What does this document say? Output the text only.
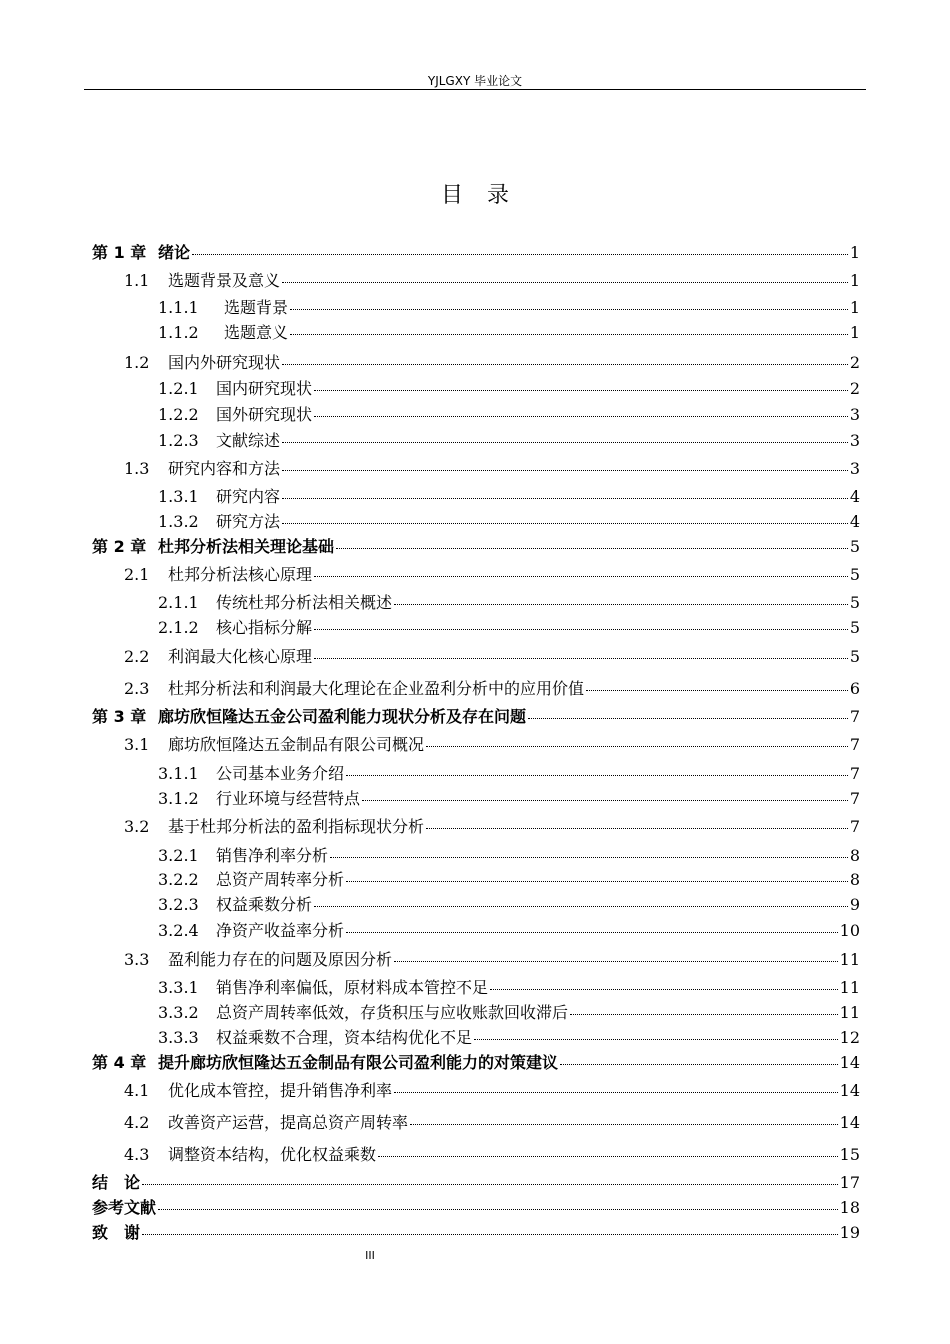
YJLGXY 毕业论文
目录
第 1 章 绪论	1
1.1	选题背景及意义	1
1.1.1	选题背景	1
1.1.2	选题意义	1
1.2	国内外研究现状	2
1.2.1	国内研究现状	2
1.2.2	国外研究现状	3
1.2.3	文献综述	3
1.3	研究内容和方法	3
1.3.1	研究内容	4
1.3.2	研究方法	4
第 2 章 杜邦分析法相关理论基础	5
2.1	杜邦分析法核心原理	5
2.1.1	传统杜邦分析法相关概述	5
2.1.2	核心指标分解	5
2.2	利润最大化核心原理	5
2.3	杜邦分析法和利润最大化理论在企业盈利分析中的应用价值	6
第 3 章 廊坊欣恒隆达五金公司盈利能力现状分析及存在问题	7
3.1	廊坊欣恒隆达五金制品有限公司概况	7
3.1.1	公司基本业务介绍	7
3.1.2	行业环境与经营特点	7
3.2	基于杜邦分析法的盈利指标现状分析	7
3.2.1	销售净利率分析	8
3.2.2	总资产周转率分析	8
3.2.3	权益乘数分析	9
3.2.4	净资产收益率分析	10
3.3	盈利能力存在的问题及原因分析	11
3.3.1	销售净利率偏低，原材料成本管控不足	11
3.3.2	总资产周转率低效，存货积压与应收账款回收滞后	11
3.3.3	权益乘数不合理，资本结构优化不足	12
第 4 章 提升廊坊欣恒隆达五金制品有限公司盈利能力的对策建议	14
4.1	优化成本管控，提升销售净利率	14
4.2	改善资产运营，提高总资产周转率	14
4.3	调整资本结构，优化权益乘数	15
结　论	17
参考文献	18
致　谢	19
III
